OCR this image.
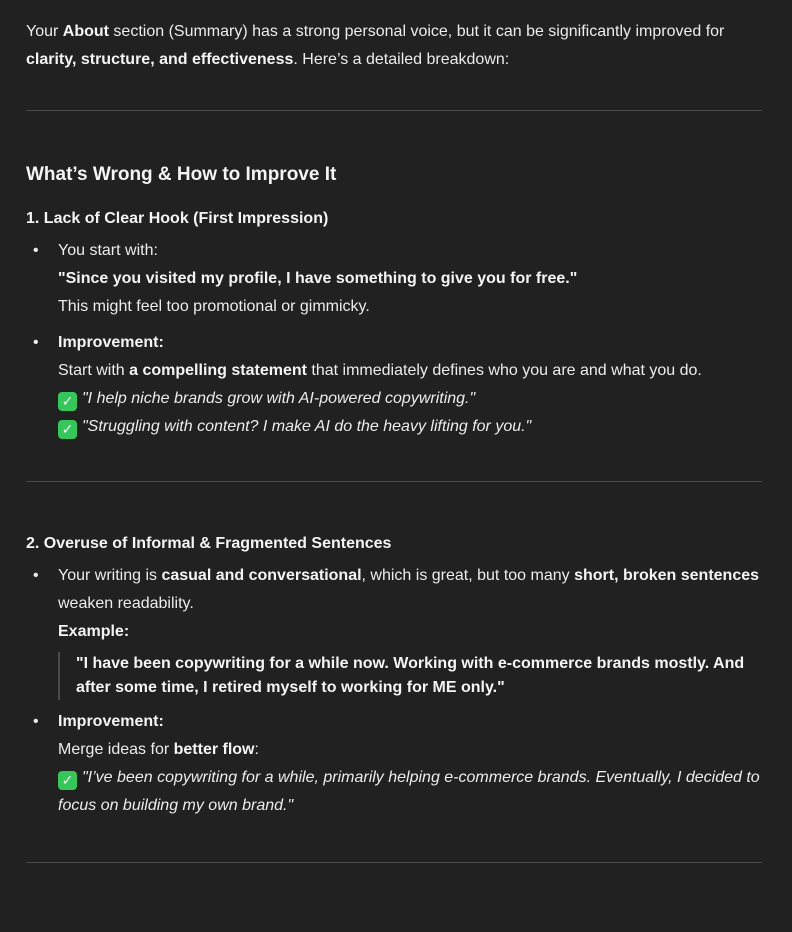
Your About section (Summary) has a strong personal voice, but it can be significantly improved for clarity, structure, and effectiveness. Here’s a detailed breakdown:

What’s Wrong & How to Improve It
1. Lack of Clear Hook (First Impression)
• You start with:
"Since you visited my profile, I have something to give you for free."
This might feel too promotional or gimmicky.
• Improvement:
Start with a compelling statement that immediately defines who you are and what you do.
✓ "I help niche brands grow with AI-powered copywriting."
✓ "Struggling with content? I make AI do the heavy lifting for you."
2. Overuse of Informal & Fragmented Sentences
• Your writing is casual and conversational, which is great, but too many short, broken sentences weaken readability.
Example:
"I have been copywriting for a while now. Working with e-commerce brands mostly. And after some time, I retired myself to working for ME only."
• Improvement:
Merge ideas for better flow:
✓ "I’ve been copywriting for a while, primarily helping e-commerce brands. Eventually, I decided to focus on building my own brand."
